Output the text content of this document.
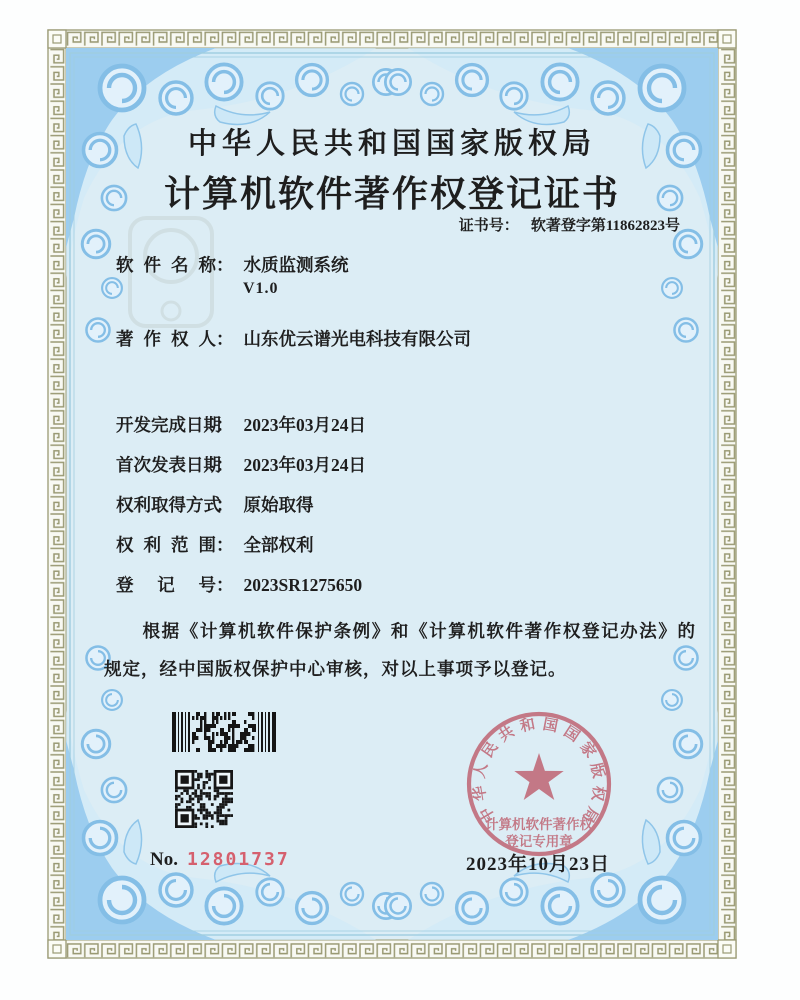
中华人民共和国国家版权局
计算机软件著作权登记证书
证书号： 软著登字第11862823号
软件名称： 水质监测系统
V1.0
著作权人： 山东优云谱光电科技有限公司
开发完成日期： 2023年03月24日
首次发表日期： 2023年03月24日
权利取得方式： 原始取得
权利范围： 全部权利
登记号： 2023SR1275650

根据《计算机软件保护条例》和《计算机软件著作权登记办法》的规定，经中国版权保护中心审核，对以上事项予以登记。

No. 12801737
中
华
人
民
共 和 国 国
家
版
权
局
计算机软件著作权
登记专用章
2023年10月23日
